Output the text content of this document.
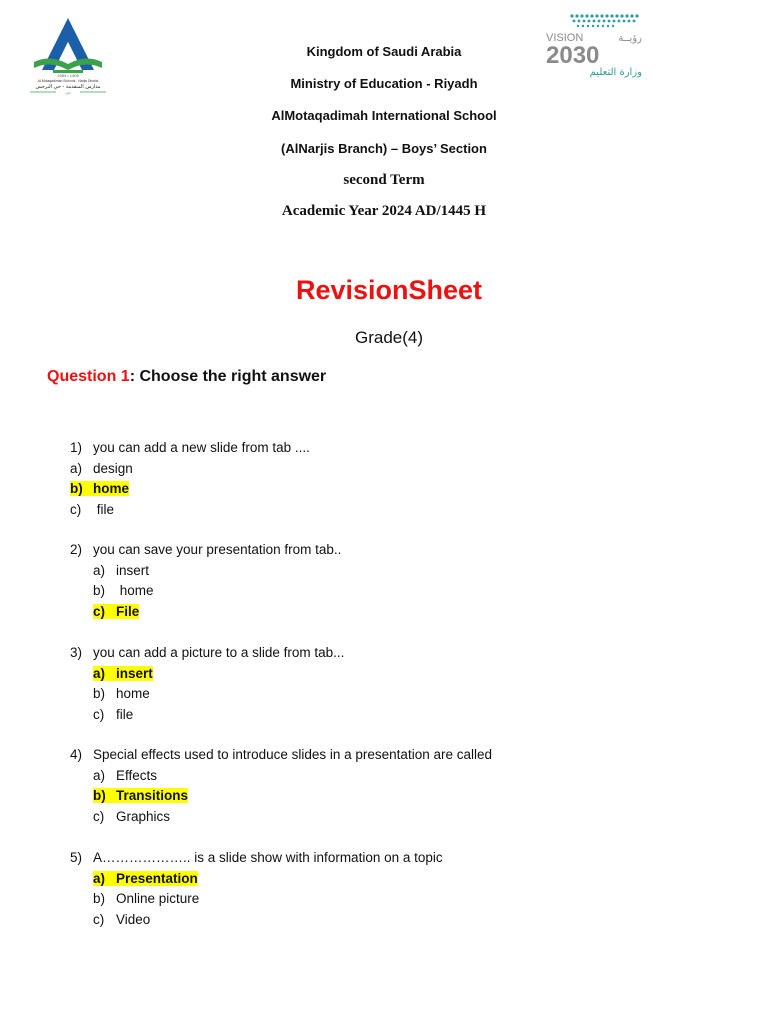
1984 • 1405
Al-Motaqadimah Schools - Narjis District
مدارس المتقدمة - حي النرجس
بنين
VISION	رؤيــة
2030
وزارة التعليم
Kingdom of Saudi Arabia
Ministry of Education - Riyadh
AlMotaqadimah International School
(AlNarjis Branch) – Boys’ Section
second Term
Academic Year 2024 AD/1445 H
RevisionSheet
Grade(4)
Question 1: Choose the right answer
1) you can add a new slide from tab ....
a) design
b) home
c) file
2) you can save your presentation from tab..
a) insert
b) home
c) File
3) you can add a picture to a slide from tab...
a) insert
b) home
c) file
4) Special effects used to introduce slides in a presentation are called
a) Effects
b) Transitions
c) Graphics
5) A……………….. is a slide show with information on a topic
a) Presentation
b) Online picture
c) Video
